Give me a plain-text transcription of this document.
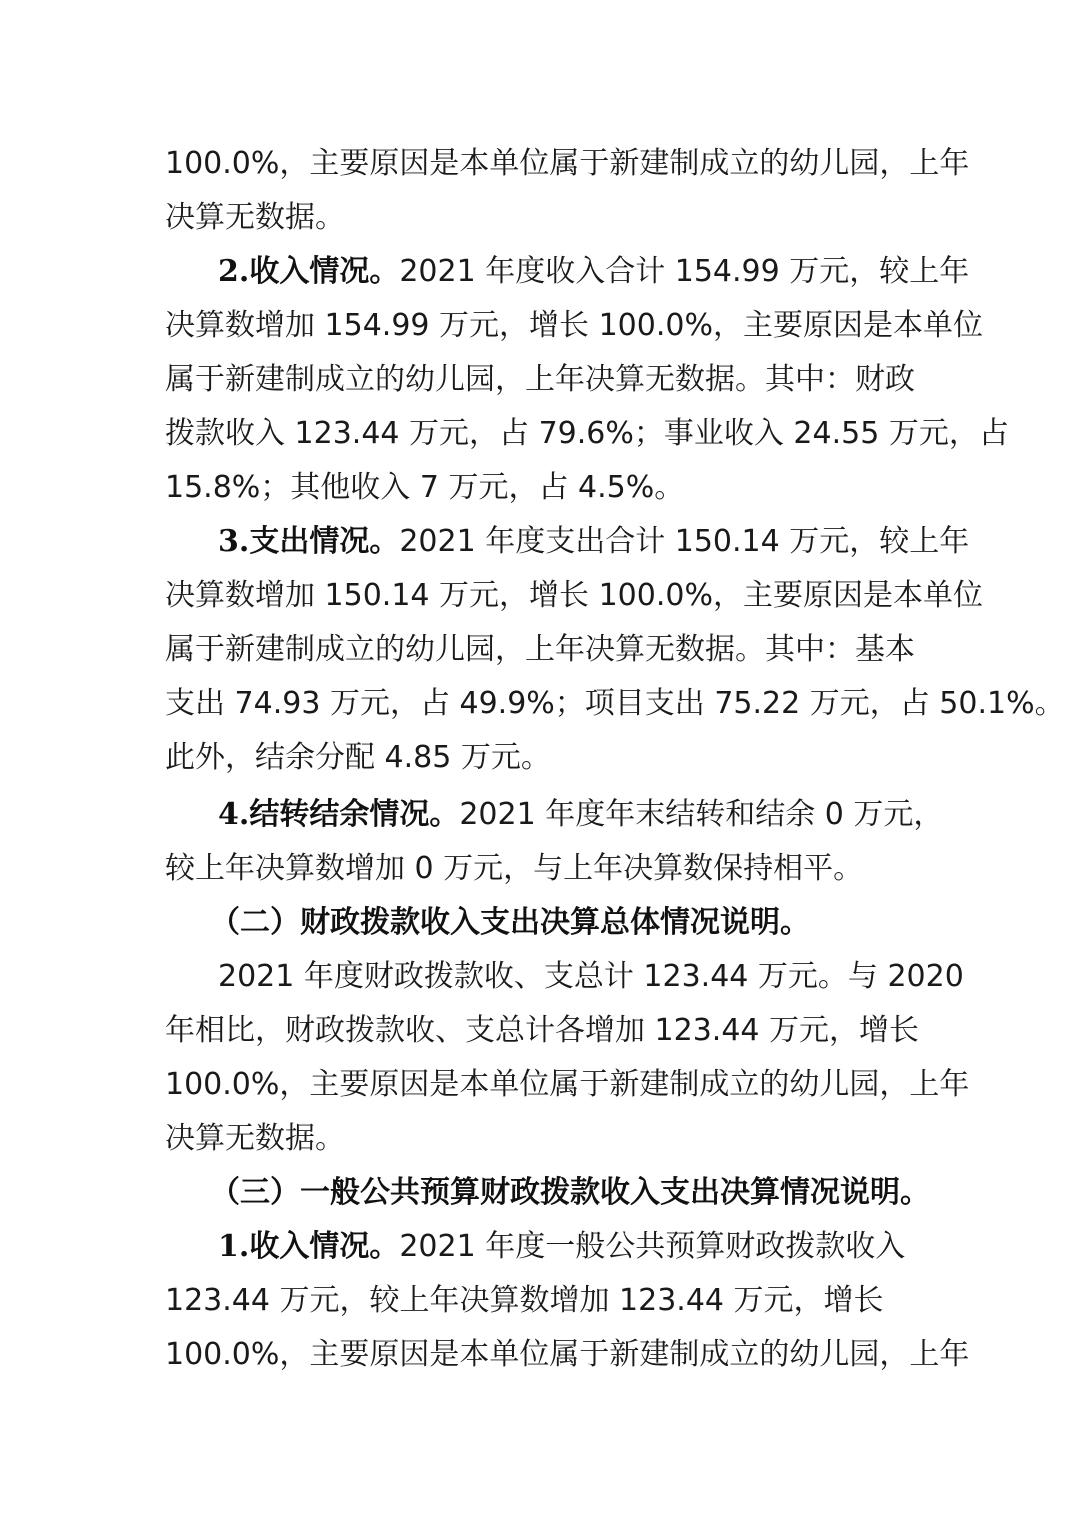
100.0%，主要原因是本单位属于新建制成立的幼儿园，上年
决算无数据。
2.收入情况。2021 年度收入合计 154.99 万元，较上年
决算数增加 154.99 万元，增长 100.0%，主要原因是本单位
属于新建制成立的幼儿园，上年决算无数据。其中：财政
拨款收入 123.44 万元，占 79.6%；事业收入 24.55 万元，占
15.8%；其他收入 7 万元，占 4.5%。
3.支出情况。2021 年度支出合计 150.14 万元，较上年
决算数增加 150.14 万元，增长 100.0%，主要原因是本单位
属于新建制成立的幼儿园，上年决算无数据。其中：基本
支出 74.93 万元，占 49.9%；项目支出 75.22 万元，占 50.1%。
此外，结余分配 4.85 万元。
4.结转结余情况。2021 年度年末结转和结余 0 万元，
较上年决算数增加 0 万元，与上年决算数保持相平。
（二）财政拨款收入支出决算总体情况说明。
2021 年度财政拨款收、支总计 123.44 万元。与 2020
年相比，财政拨款收、支总计各增加 123.44 万元，增长
100.0%，主要原因是本单位属于新建制成立的幼儿园，上年
决算无数据。
（三）一般公共预算财政拨款收入支出决算情况说明。
1.收入情况。2021 年度一般公共预算财政拨款收入
123.44 万元，较上年决算数增加 123.44 万元，增长
100.0%，主要原因是本单位属于新建制成立的幼儿园，上年
